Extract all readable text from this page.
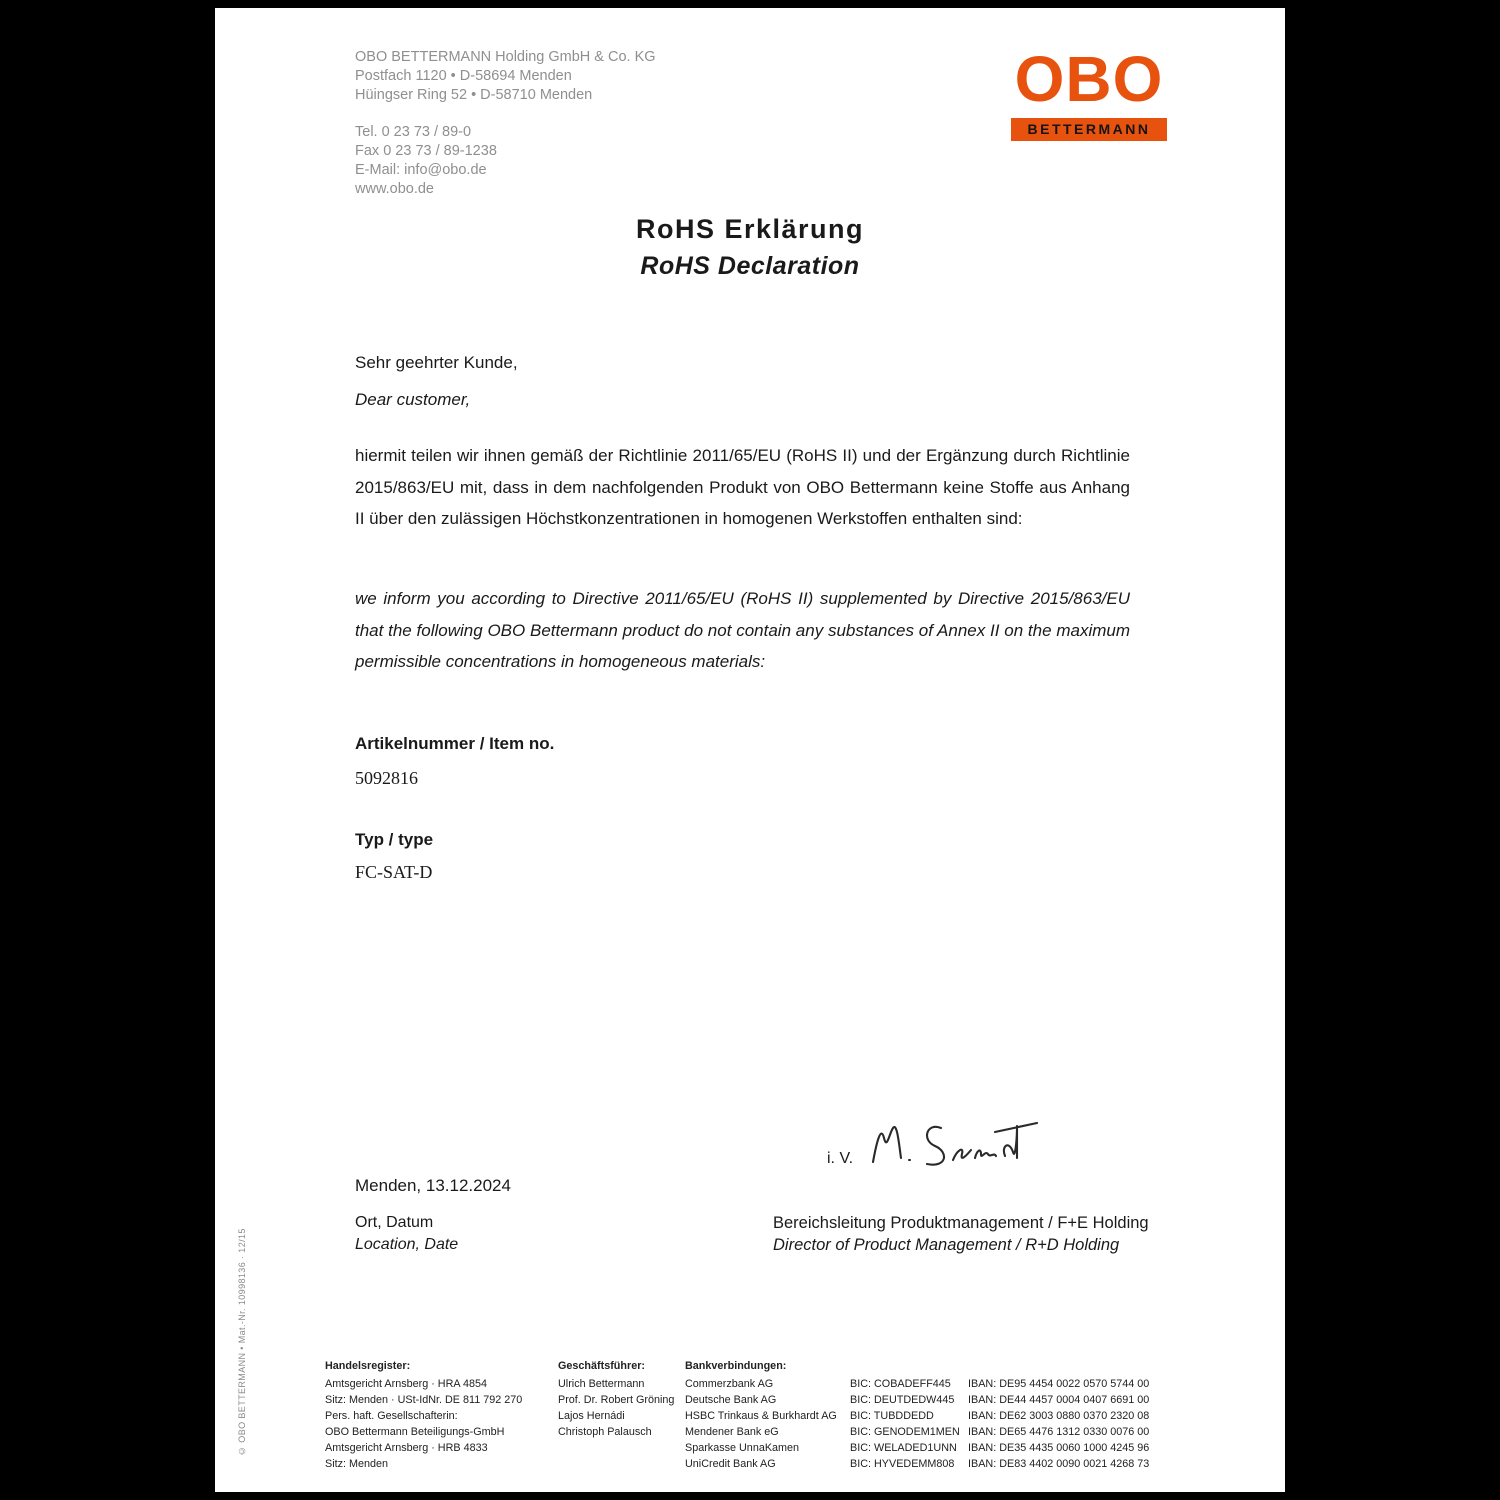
OBO BETTERMANN Holding GmbH & Co. KG
Postfach 1120 • D-58694 Menden
Hüingser Ring 52 • D-58710 Menden
Tel. 0 23 73 / 89-0
Fax 0 23 73 / 89-1238
E-Mail: info@obo.de
www.obo.de
OBO
BETTERMANN
RoHS Erklärung
RoHS Declaration
Sehr geehrter Kunde,
Dear customer,
hiermit teilen wir ihnen gemäß der Richtlinie 2011/65/EU (RoHS II) und der Ergänzung durch Richtlinie 2015/863/EU mit, dass in dem nachfolgenden Produkt von OBO Bettermann keine Stoffe aus Anhang II über den zulässigen Höchstkonzentrationen in homogenen Werkstoffen enthalten sind:
we inform you according to Directive 2011/65/EU (RoHS II) supplemented by Directive 2015/863/EU that the following OBO Bettermann product do not contain any substances of Annex II on the maximum permissible concentrations in homogeneous materials:
Artikelnummer / Item no.
5092816
Typ / type
FC-SAT-D
i. V.
Menden, 13.12.2024
Ort, Datum
Location, Date
Bereichsleitung Produktmanagement / F+E Holding
Director of Product Management / R+D Holding
© OBO BETTERMANN • Mat.-Nr. 10998136 · 12/15	Handelsregister:
Amtsgericht Arnsberg · HRA 4854
Sitz: Menden · USt-IdNr. DE 811 792 270
Pers. haft. Gesellschafterin:
OBO Bettermann Beteiligungs-GmbH
Amtsgericht Arnsberg · HRB 4833
Sitz: Menden
Geschäftsführer:
Ulrich Bettermann
Prof. Dr. Robert Gröning
Lajos Hernádi
Christoph Palausch
Bankverbindungen:
Commerzbank AG	BIC: COBADEFF445	IBAN: DE95 4454 0022 0570 5744 00
Deutsche Bank AG	BIC: DEUTDEDW445	IBAN: DE44 4457 0004 0407 6691 00
HSBC Trinkaus & Burkhardt AG	BIC: TUBDDEDD	IBAN: DE62 3003 0880 0370 2320 08
Mendener Bank eG	BIC: GENODEM1MEN IBAN: DE65 4476 1312 0330 0076 00
Sparkasse UnnaKamen	BIC: WELADED1UNN	IBAN: DE35 4435 0060 1000 4245 96
UniCredit Bank AG	BIC: HYVEDEMM808	IBAN: DE83 4402 0090 0021 4268 73
